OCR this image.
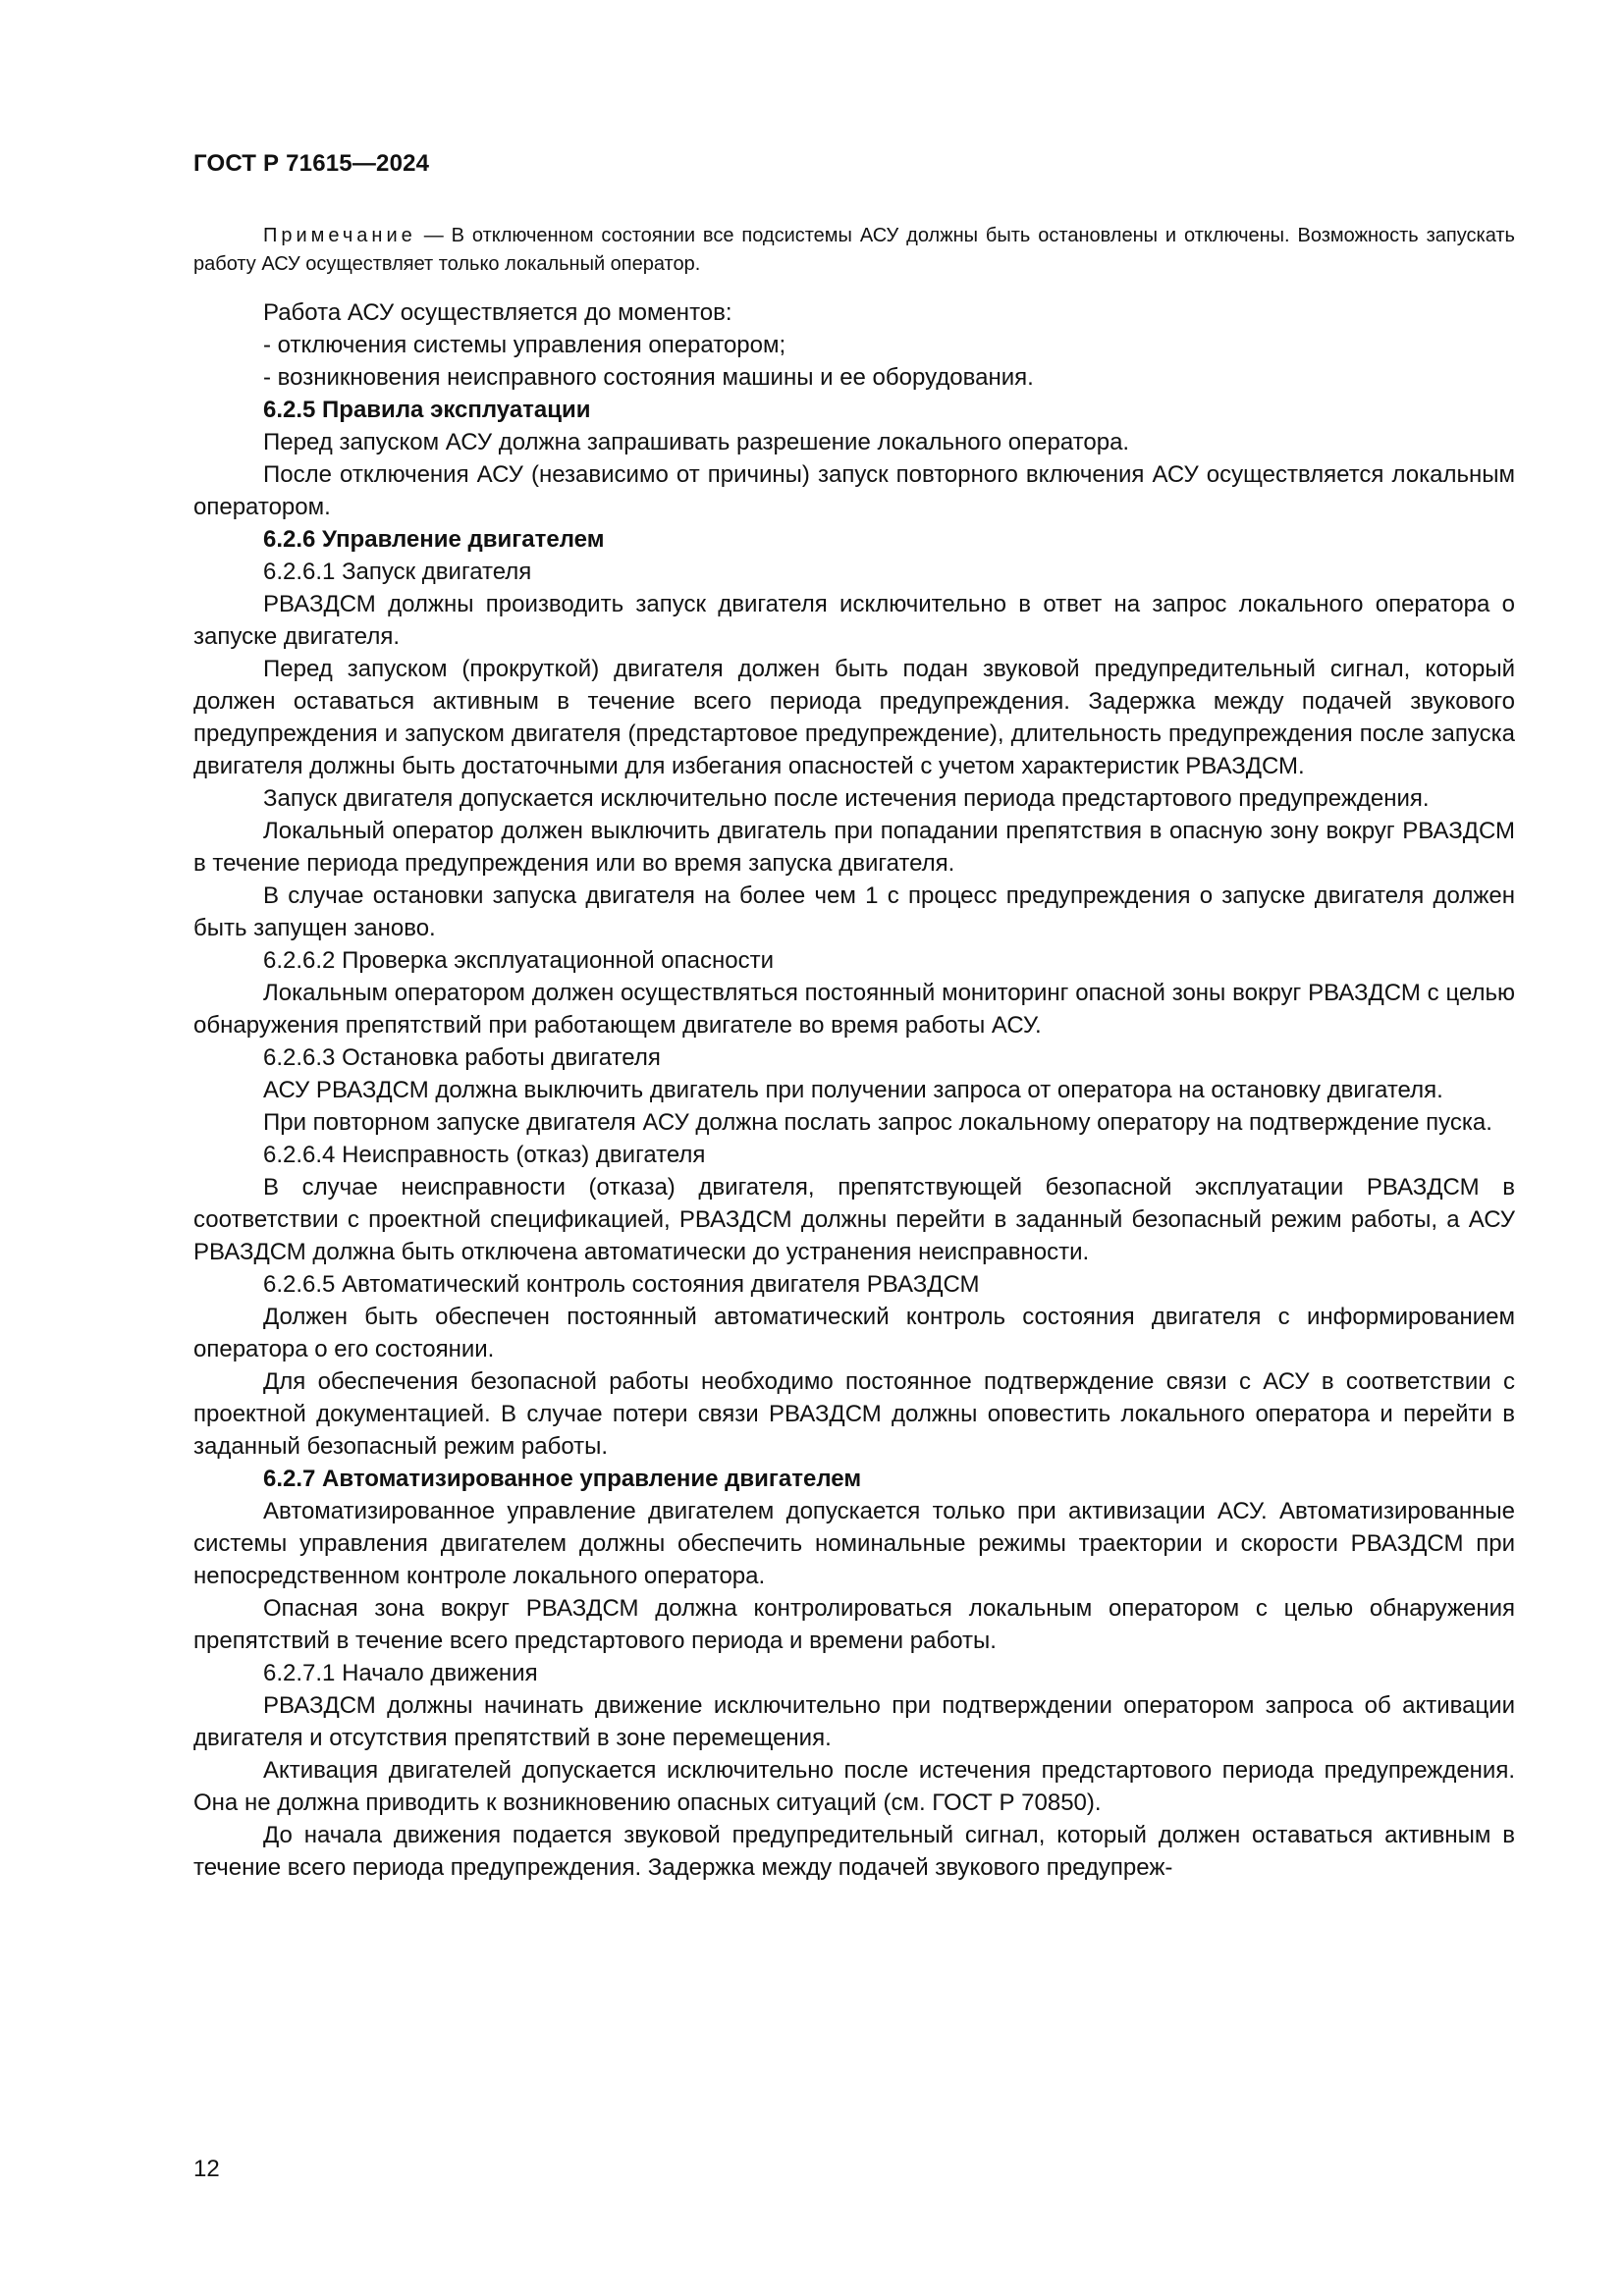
ГОСТ Р 71615—2024

Примечание — В отключенном состоянии все подсистемы АСУ должны быть остановлены и отключены. Возможность запускать работу АСУ осуществляет только локальный оператор.

Работа АСУ осуществляется до моментов:

- отключения системы управления оператором;

- возникновения неисправного состояния машины и ее оборудования.

6.2.5 Правила эксплуатации

Перед запуском АСУ должна запрашивать разрешение локального оператора.

После отключения АСУ (независимо от причины) запуск повторного включения АСУ осуществляется локальным оператором.

6.2.6 Управление двигателем

6.2.6.1 Запуск двигателя

РВАЗДСМ должны производить запуск двигателя исключительно в ответ на запрос локального оператора о запуске двигателя.

Перед запуском (прокруткой) двигателя должен быть подан звуковой предупредительный сигнал, который должен оставаться активным в течение всего периода предупреждения. Задержка между подачей звукового предупреждения и запуском двигателя (предстартовое предупреждение), длительность предупреждения после запуска двигателя должны быть достаточными для избегания опасностей с учетом характеристик РВАЗДСМ.

Запуск двигателя допускается исключительно после истечения периода предстартового предупреждения.

Локальный оператор должен выключить двигатель при попадании препятствия в опасную зону вокруг РВАЗДСМ в течение периода предупреждения или во время запуска двигателя.

В случае остановки запуска двигателя на более чем 1 с процесс предупреждения о запуске двигателя должен быть запущен заново.

6.2.6.2 Проверка эксплуатационной опасности

Локальным оператором должен осуществляться постоянный мониторинг опасной зоны вокруг РВАЗДСМ с целью обнаружения препятствий при работающем двигателе во время работы АСУ.

6.2.6.3 Остановка работы двигателя

АСУ РВАЗДСМ должна выключить двигатель при получении запроса от оператора на остановку двигателя.

При повторном запуске двигателя АСУ должна послать запрос локальному оператору на подтверждение пуска.

6.2.6.4 Неисправность (отказ) двигателя

В случае неисправности (отказа) двигателя, препятствующей безопасной эксплуатации РВАЗДСМ в соответствии с проектной спецификацией, РВАЗДСМ должны перейти в заданный безопасный режим работы, а АСУ РВАЗДСМ должна быть отключена автоматически до устранения неисправности.

6.2.6.5 Автоматический контроль состояния двигателя РВАЗДСМ

Должен быть обеспечен постоянный автоматический контроль состояния двигателя с информированием оператора о его состоянии.

Для обеспечения безопасной работы необходимо постоянное подтверждение связи с АСУ в соответствии с проектной документацией. В случае потери связи РВАЗДСМ должны оповестить локального оператора и перейти в заданный безопасный режим работы.

6.2.7 Автоматизированное управление двигателем

Автоматизированное управление двигателем допускается только при активизации АСУ. Автоматизированные системы управления двигателем должны обеспечить номинальные режимы траектории и скорости РВАЗДСМ при непосредственном контроле локального оператора.

Опасная зона вокруг РВАЗДСМ должна контролироваться локальным оператором с целью обнаружения препятствий в течение всего предстартового периода и времени работы.

6.2.7.1 Начало движения

РВАЗДСМ должны начинать движение исключительно при подтверждении оператором запроса об активации двигателя и отсутствия препятствий в зоне перемещения.

Активация двигателей допускается исключительно после истечения предстартового периода предупреждения. Она не должна приводить к возникновению опасных ситуаций (см. ГОСТ Р 70850).

До начала движения подается звуковой предупредительный сигнал, который должен оставаться активным в течение всего периода предупреждения. Задержка между подачей звукового предупреж-

12
